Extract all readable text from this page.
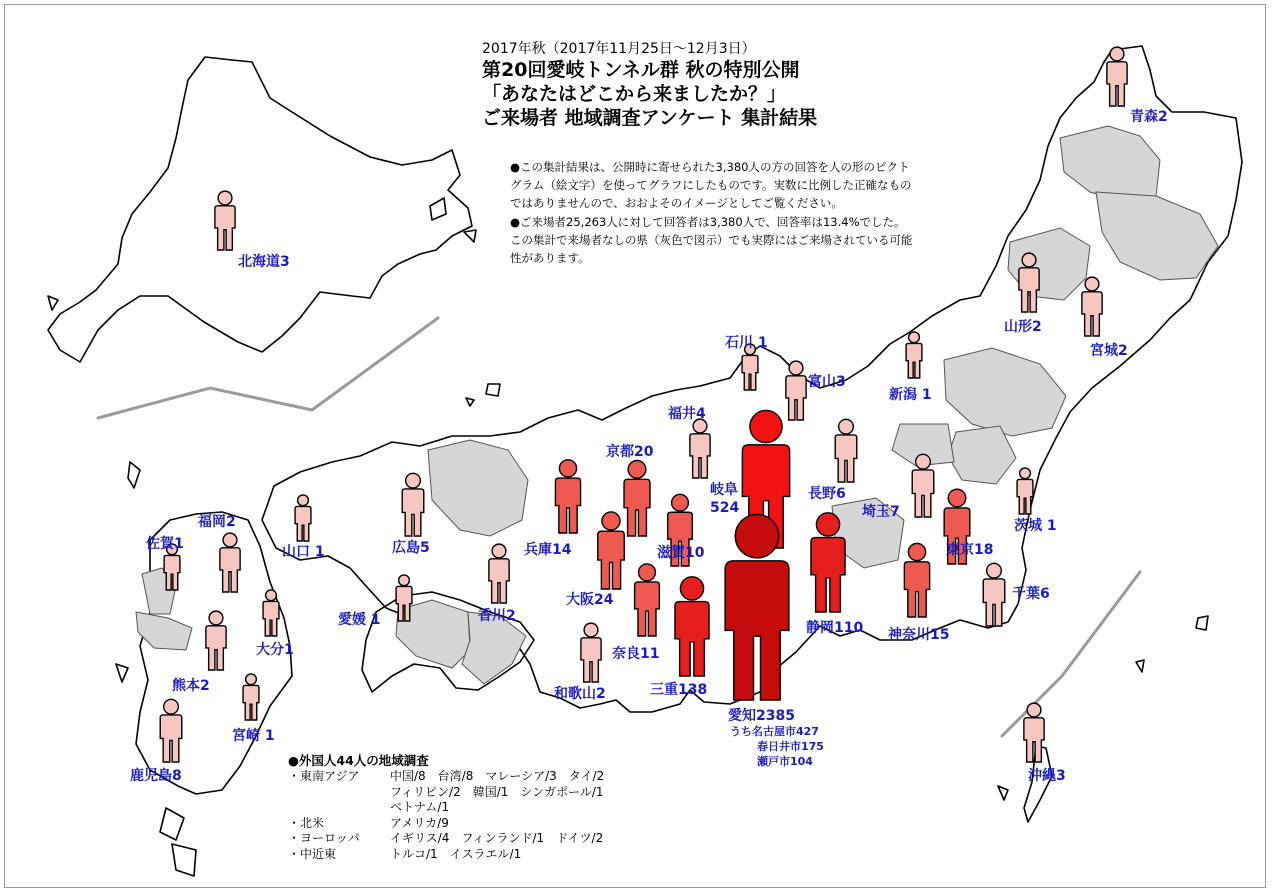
青森2
北海道3
山形2
宮城2
石川 1
富山3
新潟 1
福井4
京都20
岐阜
524
長野6
埼玉7
茨城 1
福岡2
佐賀1	山口 1	広島5	兵庫14	滋賀10	東京18
大阪24
愛媛 1	香川2
静岡110
千葉6
神奈川15
大分1
熊本2
奈良11
和歌山2	三重138
愛知2385
宮崎 1
鹿児島8	沖縄3
うち名古屋市427
春日井市175
瀬戸市104
2017年秋（2017年11月25日〜12月3日）
第20回愛岐トンネル群 秋の特別公開
「あなたはどこから来ましたか？」
ご来場者 地域調査アンケート 集計結果

●この集計結果は、公開時に寄せられた3,380人の方の回答を人の形のピクトグラム（絵文字）を使ってグラフにしたものです。実数に比例した正確なものではありませんので、おおよそのイメージとしてご覧ください。

●ご来場者25,263人に対して回答者は3,380人で、回答率は13.4%でした。この集計で来場者なしの県（灰色で図示）でも実際にはご来場されている可能性があります。

●外国人44人の地域調査
・東南アジア	中国/8　台湾/8　マレーシア/3　タイ/2
フィリピン/2　韓国/1　シンガポール/1
ベトナム/1
・北米	アメリカ/9
・ヨーロッパ	イギリス/4　フィンランド/1　ドイツ/2
・中近東	トルコ/1　イスラエル/1
